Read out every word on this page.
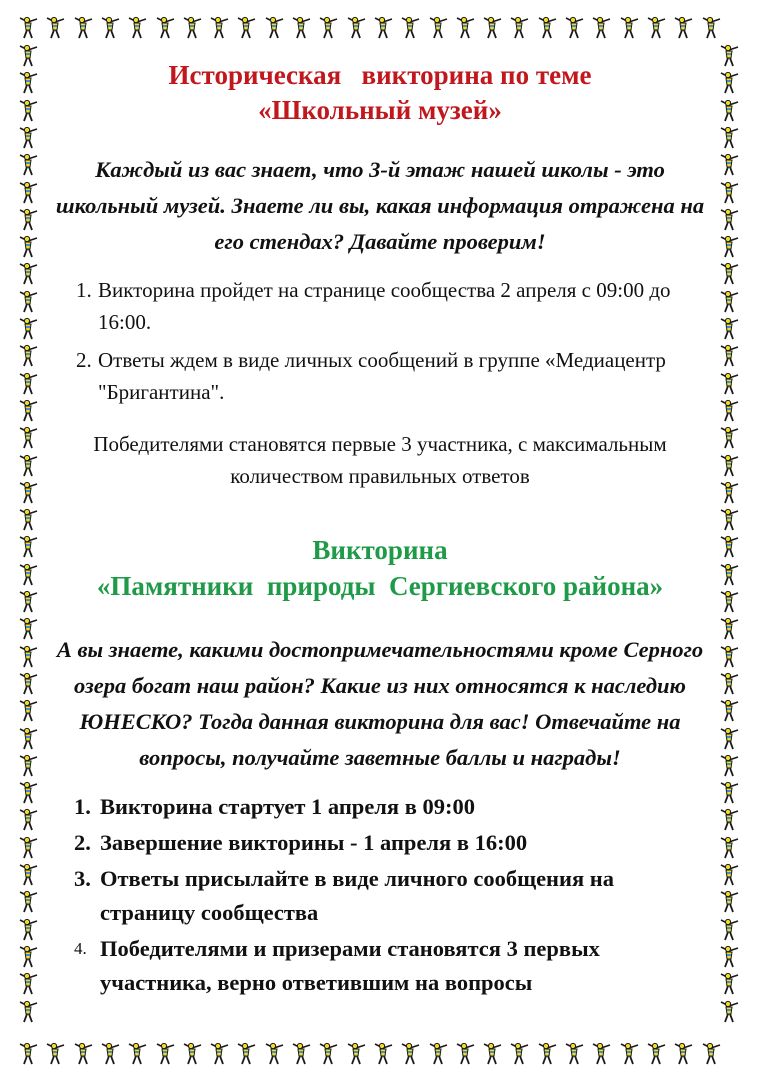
Историческая   викторина по теме

«Школьный музей»

Каждый из вас знает, что 3-й этаж нашей школы - это школьный музей. Знаете ли вы, какая информация отражена на его стендах? Давайте проверим!

1. Викторина пройдет на странице сообщества 2 апреля с 09:00 до 16:00.
2. Ответы ждем в виде личных сообщений в группе «Медиацентр "Бригантина".

Победителями становятся первые 3 участника, с максимальным количеством правильных ответов

Викторина

«Памятники  природы  Сергиевского района»

А вы знаете, какими достопримечательностями кроме Серного озера богат наш район? Какие из них относятся к наследию ЮНЕСКО? Тогда данная викторина для вас! Отвечайте на вопросы, получайте заветные баллы и награды!

1. Викторина стартует 1 апреля в 09:00
2. Завершение викторины - 1 апреля в 16:00
3. Ответы присылайте в виде личного сообщения на страницу сообщества
4. Победителями и призерами становятся 3 первых участника, верно ответившим на вопросы
